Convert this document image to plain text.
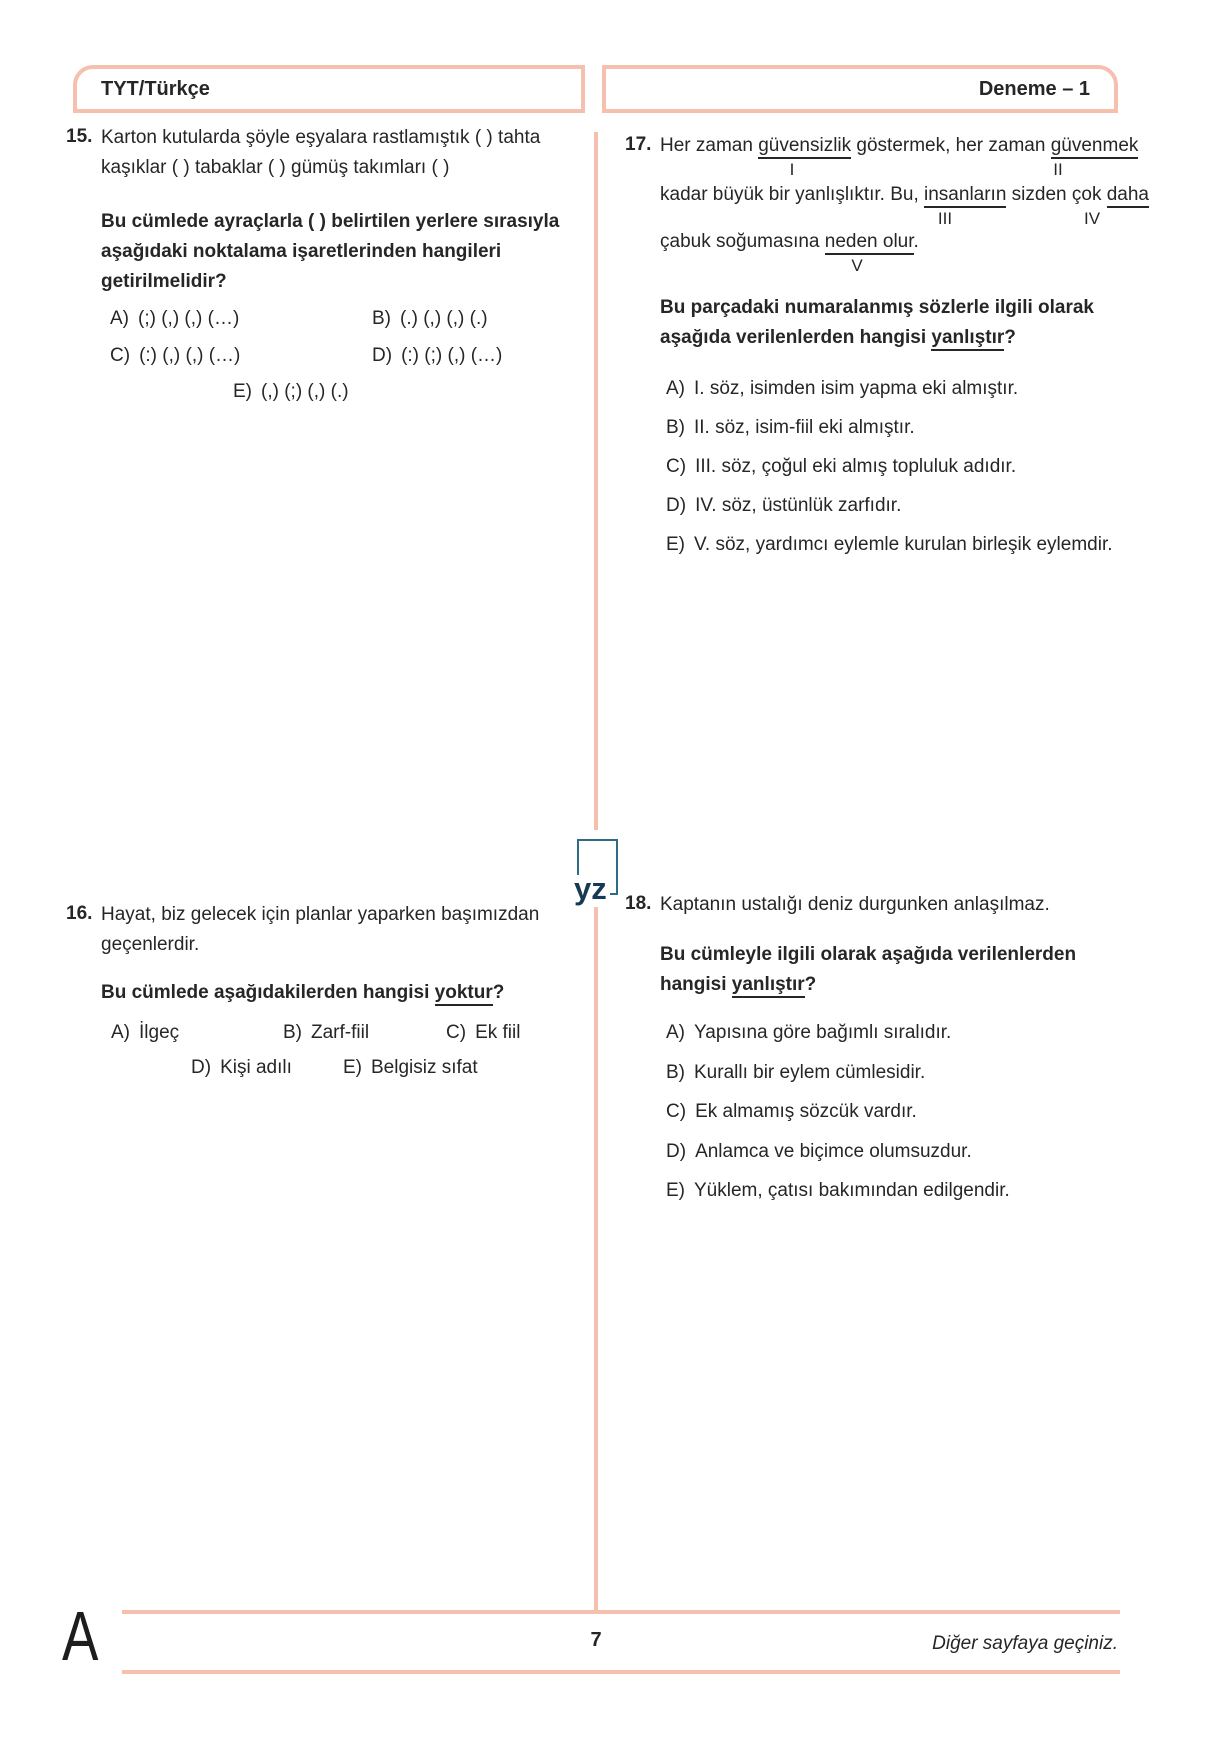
TYT/Türkçe	Deneme – 1
yz
15. Karton kutularda şöyle eşyalara rastlamıştık ( ) tahta
kaşıklar ( ) tabaklar ( ) gümüş takımları ( )
Bu cümlede ayraçlarla ( ) belirtilen yerlere sırasıyla
aşağıdaki noktalama işaretlerinden hangileri
getirilmelidir?
A) (;) (,) (,) (…)	B) (.) (,) (,) (.)
C) (:) (,) (,) (…)	D) (:) (;) (,) (…)
E) (,) (;) (,) (.)
16. Hayat, biz gelecek için planlar yaparken başımızdan
geçenlerdir.
Bu cümlede aşağıdakilerden hangisi yoktur?
A) İlgeç	B) Zarf-fiil	C) Ek fiil
D) Kişi adılı	E) Belgisiz sıfat
17. Her zaman güvensizlik göstermek, her zaman güvenmek
I	II
kadar büyük bir yanlışlıktır. Bu, insanların sizden çok daha
III	IV
çabuk soğumasına neden olur.
V
Bu parçadaki numaralanmış sözlerle ilgili olarak
aşağıda verilenlerden hangisi yanlıştır?
A) I. söz, isimden isim yapma eki almıştır.
B) II. söz, isim-fiil eki almıştır.
C) III. söz, çoğul eki almış topluluk adıdır.
D) IV. söz, üstünlük zarfıdır.
E) V. söz, yardımcı eylemle kurulan birleşik eylemdir.
18. Kaptanın ustalığı deniz durgunken anlaşılmaz.
Bu cümleyle ilgili olarak aşağıda verilenlerden
hangisi yanlıştır?
A) Yapısına göre bağımlı sıralıdır.
B) Kurallı bir eylem cümlesidir.
C) Ek almamış sözcük vardır.
D) Anlamca ve biçimce olumsuzdur.
E) Yüklem, çatısı bakımından edilgendir.
A	7	Diğer sayfaya geçiniz.
